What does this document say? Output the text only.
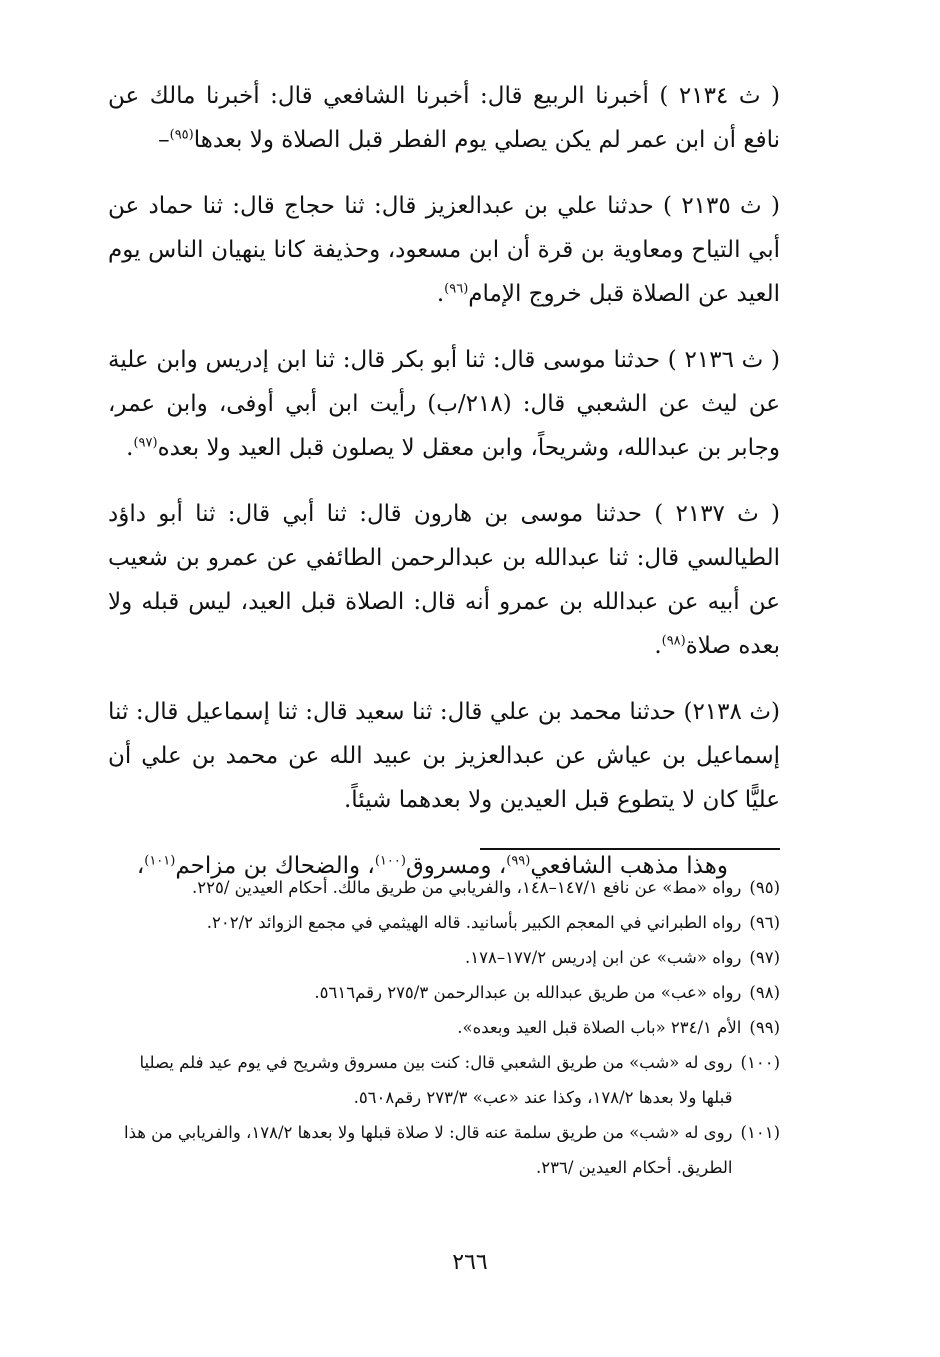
( ث ٢١٣٤ ) أخبرنا الربيع قال: أخبرنا الشافعي قال: أخبرنا مالك عن نافع أن ابن عمر لم يكن يصلي يوم الفطر قبل الصلاة ولا بعدها$^{(٩٥)}$–

( ث ٢١٣٥ ) حدثنا علي بن عبدالعزيز قال: ثنا حجاج قال: ثنا حماد عن أبي التياح ومعاوية بن قرة أن ابن مسعود، وحذيفة كانا ينهيان الناس يوم العيد عن الصلاة قبل خروج الإمام$^{(٩٦)}$.

( ث ٢١٣٦ ) حدثنا موسى قال: ثنا أبو بكر قال: ثنا ابن إدريس وابن علية عن ليث عن الشعبي قال: (٢١٨/ب) رأيت ابن أبي أوفى، وابن عمر، وجابر بن عبدالله، وشريحاً، وابن معقل لا يصلون قبل العيد ولا بعده$^{(٩٧)}$.

( ث ٢١٣٧ ) حدثنا موسى بن هارون قال: ثنا أبي قال: ثنا أبو داؤد الطيالسي قال: ثنا عبدالله بن عبدالرحمن الطائفي عن عمرو بن شعيب عن أبيه عن عبدالله بن عمرو أنه قال: الصلاة قبل العيد، ليس قبله ولا بعده صلاة$^{(٩٨)}$.

(ث ٢١٣٨) حدثنا محمد بن علي قال: ثنا سعيد قال: ثنا إسماعيل قال: ثنا إسماعيل بن عياش عن عبدالعزيز بن عبيد الله عن محمد بن علي أن عليًّا كان لا يتطوع قبل العيدين ولا بعدهما شيئاً.

وهذا مذهب الشافعي$^{(٩٩)}$، ومسروق$^{(١٠٠)}$، والضحاك بن مزاحم$^{(١٠١)}$،

(٩٥)
رواه «مط» عن نافع ١٤٧/١–١٤٨، والفريابي من طريق مالك. أحكام العيدين /٢٢٥.
(٩٦)
رواه الطبراني في المعجم الكبير بأسانيد. قاله الهيثمي في مجمع الزوائد ٢٠٢/٢.
(٩٧)
رواه «شب» عن ابن إدريس ١٧٧/٢–١٧٨.
(٩٨)
رواه «عب» من طريق عبدالله بن عبدالرحمن ٢٧٥/٣ رقم٥٦١٦.
(٩٩)
الأم ٢٣٤/١ «باب الصلاة قبل العيد وبعده».
(١٠٠)
روى له «شب» من طريق الشعبي قال: كنت بين مسروق وشريح في يوم عيد فلم يصليا قبلها ولا بعدها ١٧٨/٢، وكذا عند «عب» ٢٧٣/٣ رقم٥٦٠٨.
(١٠١)
روى له «شب» من طريق سلمة عنه قال: لا صلاة قبلها ولا بعدها ١٧٨/٢، والفريابي من هذا الطريق. أحكام العيدين /٢٣٦.
٢٦٦
